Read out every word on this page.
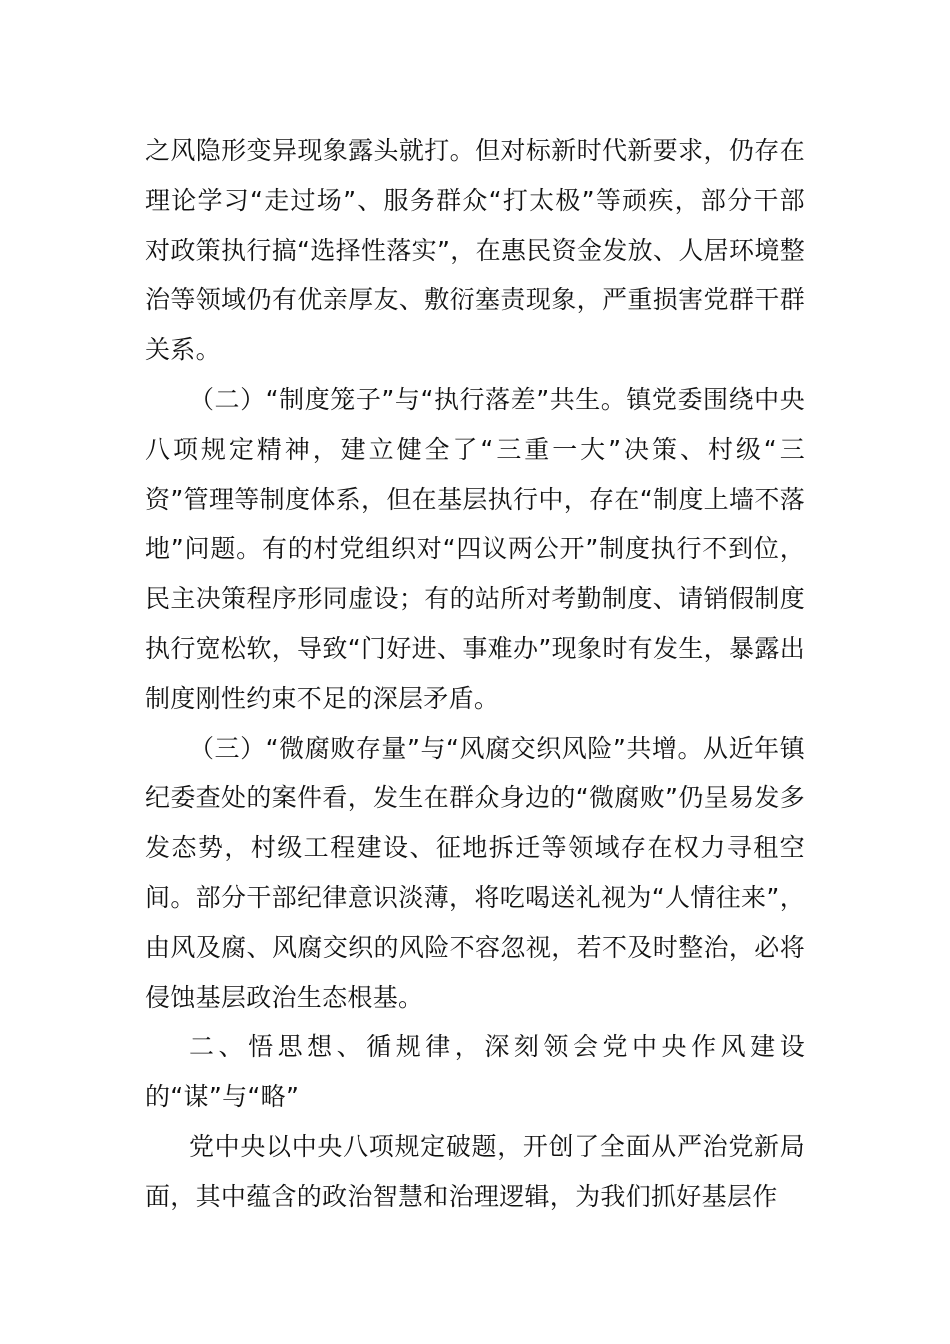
之风隐形变异现象露头就打。但对标新时代新要求，仍存在理论学习“走过场”、服务群众“打太极”等顽疾，部分干部对政策执行搞“选择性落实”，在惠民资金发放、人居环境整治等领域仍有优亲厚友、敷衍塞责现象，严重损害党群干群关系。

（二）“制度笼子”与“执行落差”共生。镇党委围绕中央八项规定精神，建立健全了“三重一大”决策、村级“三资”管理等制度体系，但在基层执行中，存在“制度上墙不落地”问题。有的村党组织对“四议两公开”制度执行不到位，民主决策程序形同虚设；有的站所对考勤制度、请销假制度执行宽松软，导致“门好进、事难办”现象时有发生，暴露出制度刚性约束不足的深层矛盾。

（三）“微腐败存量”与“风腐交织风险”共增。从近年镇纪委查处的案件看，发生在群众身边的“微腐败”仍呈易发多发态势，村级工程建设、征地拆迁等领域存在权力寻租空间。部分干部纪律意识淡薄，将吃喝送礼视为“人情往来”，由风及腐、风腐交织的风险不容忽视，若不及时整治，必将侵蚀基层政治生态根基。

二、悟思想、循规律，深刻领会党中央作风建设的“谋”与“略”

党中央以中央八项规定破题，开创了全面从严治党新局面，其中蕴含的政治智慧和治理逻辑，为我们抓好基层作
